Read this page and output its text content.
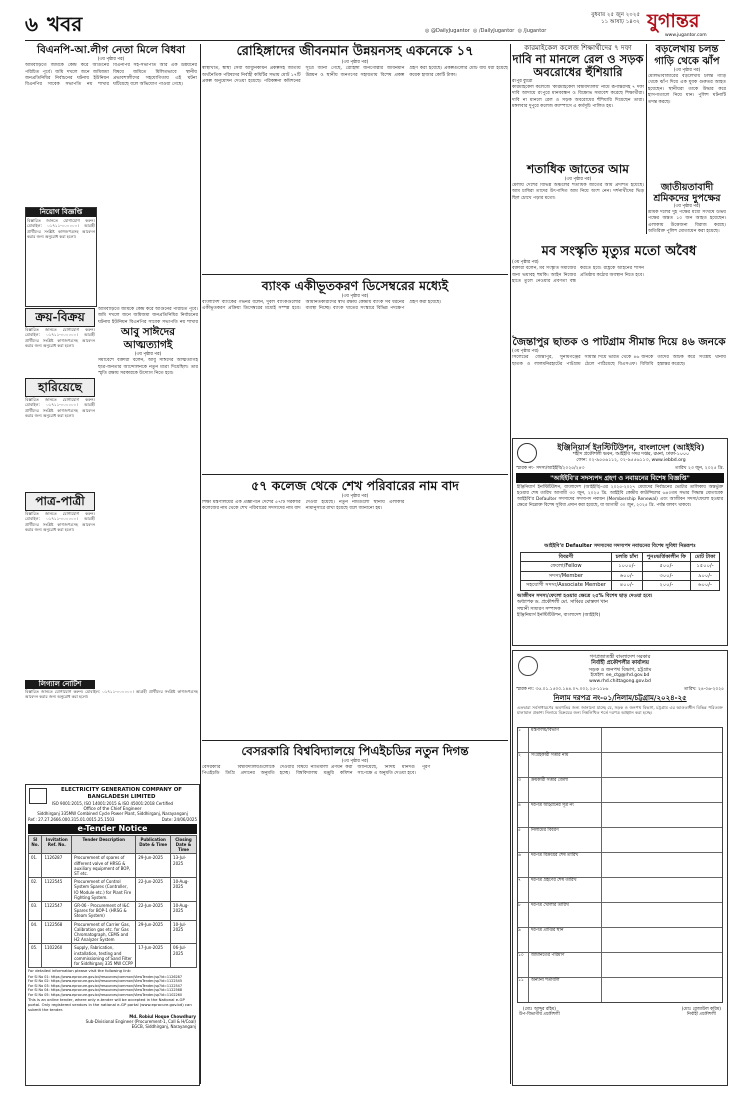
৬ খবর	◎ @DailyJugantor ◎ /DailyJugantor ◎ /Jugantor
বুধবার ২৫ জুন ২০২৫
১১ আষাঢ় ১৪৩২ যুগান্তর
www.jugantor.com
বিএনপি-আ.লীগ নেতা মিলে বিধবা
(৩য় পৃষ্ঠার পর)
আমবাড়িতে জমিকে কেন্দ্র করে আগুনের পরিচিত পূর্বে। জমি দখলে জনে জমিজমা জনপ্রতিনিধির নির্বাচনের ঘটনায় ইউনিয়ন বিএনপির সাবেক সভাপতি নয় শাখার বিএনপির সহ-সভাপতি আর এক উন্নয়নের বিষয়ে জমিতে মিলিতভাবে স্থানীয় প্রভাবশালীদের সহযোগিতায় এই ঘটনা ঘটিয়েছে বলে অভিযোগ পাওয়া গেছে।
নিয়োগ বিজ্ঞপ্তি
বিস্তারিত জানতে যোগাযোগ করুন। মোবাইল: ০১৭১১-০০০০০০। আগ্রহী প্রার্থীদের সংশ্লিষ্ট কাগজপত্রসহ আবেদন করার জন্য অনুরোধ করা হলো।
ক্রয়-বিক্রয়
বিস্তারিত জানতে যোগাযোগ করুন। মোবাইল: ০১৭১১-০০০০০০। আগ্রহী প্রার্থীদের সংশ্লিষ্ট কাগজপত্রসহ আবেদন করার জন্য অনুরোধ করা হলো।
হারিয়েছে
বিস্তারিত জানতে যোগাযোগ করুন। মোবাইল: ০১৭১১-০০০০০০। আগ্রহী প্রার্থীদের সংশ্লিষ্ট কাগজপত্রসহ আবেদন করার জন্য অনুরোধ করা হলো।
পাত্র-পাত্রী
বিস্তারিত জানতে যোগাযোগ করুন। মোবাইল: ০১৭১১-০০০০০০। আগ্রহী প্রার্থীদের সংশ্লিষ্ট কাগজপত্রসহ আবেদন করার জন্য অনুরোধ করা হলো।
আমবাড়িতে জমিকে কেন্দ্র করে আগুনের পরিচিত পূর্বে। জমি দখলে জনে জমিজমা জনপ্রতিনিধির নির্বাচনের ঘটনায় ইউনিয়ন বিএনপির সাবেক সভাপতি নয় শাখার
আবু সাঈদের আত্মত্যাগই
(৩য় পৃষ্ঠার পর)
সমাবেশে বক্তারা বলেন, আবু সাঈদের আত্মত্যাগই ছাত্র-জনতার আন্দোলনকে নতুন মাত্রা দিয়েছিল। তার স্মৃতি রক্ষায় সরকারকে উদ্যোগ নিতে হবে।
রোহিঙ্গাদের জীবনমান উন্নয়নসহ একনেকে ১৭
(৩য় পৃষ্ঠার পর)
স্বাস্থ্যখাত, স্বাস্থ্য সেবা আধুনিকায়ন প্রকল্পসহ জাতীয় অর্থনৈতিক পরিষদের নির্বাহী কমিটির সভায় মোট ১৭টি প্রকল্প অনুমোদন দেওয়া হয়েছে। পরিকল্পনা কমিশনের সূত্রে জানা গেছে, রোহিঙ্গা জনগোষ্ঠীর জীবনমান উন্নয়ন ও স্থানীয় জনগণের সহায়তায় বিশেষ প্রকল্প গ্রহণ করা হয়েছে। প্রকল্পগুলোর মোট ব্যয় ধরা হয়েছে কয়েক হাজার কোটি টাকা।
ব্যাংক একীভূতকরণ ডিসেম্বরের মধ্যেই
(৩য় পৃষ্ঠার পর)
বাংলাদেশ ব্যাংকের গভর্নর বলেন, দুর্বল ব্যাংকগুলোর একীভূতকরণ প্রক্রিয়া ডিসেম্বরের মধ্যেই সম্পন্ন হবে। আমানতকারীদের স্বার্থ রক্ষায় কেন্দ্রীয় ব্যাংক সব ধরনের ব্যবস্থা নিচ্ছে। ব্যাংক খাতের সংস্কারে বিভিন্ন পদক্ষেপ গ্রহণ করা হয়েছে।
৫৭ কলেজ থেকে শেখ পরিবারের নাম বাদ
(৩য় পৃষ্ঠার পর)
শিক্ষা মন্ত্রণালয়ের এক প্রজ্ঞাপনে দেশের ৫৭টি সরকারি কলেজের নাম থেকে শেখ পরিবারের সদস্যদের নাম বাদ দেওয়া হয়েছে। নতুন নামগুলো স্থানীয় এলাকার নামানুসারে রাখা হয়েছে বলে জানানো হয়।
কারমাইকেল কলেজ শিক্ষার্থীদের ৭ দফা
দাবি না মানলে রেল ও সড়ক অবরোধের হুঁশিয়ারি
রংপুর ব্যুরো
কারমাইকেল কলেজে 'কারমাইকেল বিশ্ববিদ্যালয়' নামে রূপান্তরসহ ৭ দফা দাবি আদায়ে রংপুরে মানববন্ধন ও বিক্ষোভ সমাবেশ করেছে শিক্ষার্থীরা। দাবি না মানলে রেল ও সড়ক অবরোধের হুঁশিয়ারি দিয়েছেন তারা। মঙ্গলবার দুপুরে কলেজ ক্যাম্পাসে এ কর্মসূচি পালিত হয়।
শতাধিক জাতের আম
(৩য় পৃষ্ঠার পর)
মেলায় দেশের বিভিন্ন অঞ্চলের শতাধিক জাতের আম প্রদর্শিত হয়েছে। আম চাষিরা তাদের উৎপাদিত আম নিয়ে অংশ নেন। দর্শনার্থীদের ভিড় ছিল চোখে পড়ার মতো।
বড়লেখায় চলন্ত গাড়ি থেকে ঝাঁপ
(৩য় পৃষ্ঠার পর)
মৌলভীবাজারের বড়লেখায় চলন্ত গাড়ি থেকে ঝাঁপ দিয়ে এক যুবক গুরুতর আহত হয়েছেন। স্থানীয়রা তাকে উদ্ধার করে হাসপাতালে নিয়ে যান। পুলিশ ঘটনাটি তদন্ত করছে।
জাতীয়তাবাদী শ্রমিকদের দুপক্ষের
(৩য় পৃষ্ঠার পর)
শ্রমিক দলের দুই পক্ষের মধ্যে সংঘর্ষে উভয় পক্ষের অন্তত ১০ জন আহত হয়েছেন। এলাকায় উত্তেজনা বিরাজ করছে। অতিরিক্ত পুলিশ মোতায়েন করা হয়েছে।
মব সংস্কৃতি মৃত্যুর মতো অবৈধ
(৩য় পৃষ্ঠার পর)
বক্তারা বলেন, মব সংস্কৃতি সমাজের জন্য ভয়াবহ হুমকি। আইন নিজের হাতে তুলে নেওয়ার প্রবণতা বন্ধ করতে হবে। রাষ্ট্রকে আইনের শাসন প্রতিষ্ঠায় কঠোর অবস্থান নিতে হবে।
জৈন্তাপুর ছাতক ও পাটগ্রাম সীমান্ত দিয়ে ৪৬ জনকে
(৩য় পৃষ্ঠার পর)
সিলেটের জৈন্তাপুর, সুনামগঞ্জের ছাতক ও লালমনিরহাটের পাটগ্রাম সীমান্ত দিয়ে ভারত থেকে ৪৬ জনকে ঠেলে পাঠিয়েছে বিএসএফ। বিজিবি তাদের আটক করে সংশ্লিষ্ট থানায় হস্তান্তর করেছে।
ইঞ্জিনিয়ার্স ইনস্টিটিউশন, বাংলাদেশ (আইইবি)
শহীদ প্রকৌশলী ভবন, আইইবি সদর দপ্তর, রমনা, ঢাকা-১০০০
ফোন: ০২-৯৫৫৬১১২, ০২-৯৫৫৬১১৩, www.iebbd.org
স্মারক নং- সদস্য/আইইবি/২০২৫/২৪৩	তারিখ ২৩ জুন, ২০২৫ খ্রি.
"আইইবি'র সদস্যপদ গ্রহণ ও নবায়নের বিশেষ বিজ্ঞপ্তি"
ইঞ্জিনিয়ার্স ইনস্টিটিউশন, বাংলাদেশ (আইইবি)-এর ২০২৫-২০২৭ মেয়াদের নির্বাচনের ভোটার তালিকায় অন্তর্ভুক্ত হওয়ার শেষ তারিখ আগামী ৩০ জুন, ২০২৫ খ্রি. আইইবি কেন্দ্রীয় কাউন্সিলের ৬৪০তম সভার সিদ্ধান্ত মোতাবেক আইইবি'র Defaulter সদস্যদের সদস্যপদ নবায়ন (Membership Renewal) এবং আজীবন সদস্য/ফেলো হওয়ার ক্ষেত্রে নিম্নোক্ত বিশেষ সুবিধা প্রদান করা হয়েছে, যা আগামী ৩০ জুন, ২০২৫ খ্রি. পর্যন্ত বলবৎ থাকবে।
আইইবি'র Defaulter সদস্যদের সদস্যপদ নবায়নের বিশেষ সুবিধা নিম্নরূপঃ
বিবরণী	চলতি চাঁদা	পুনঃভর্তিকালীন ফি	মোট টাকা
ফেলো/Fellow	১০০০/-	৫০০/-	১৫০০/-
সদস্য/Member	৬০০/-	৩০০/-	৯০০/-
সহযোগী সদস্য/Associate Member	৪০০/-	২০০/-	৬০০/-
আজীবন সদস্য/ফেলো হওয়ার ক্ষেত্রে ২৫% বিশেষ ছাড় দেওয়া হবে।
অধ্যাপক ড. প্রকৌশলী মো. সাব্বির মোস্তফা খান
সম্মানী সাধারণ সম্পাদক
ইঞ্জিনিয়ার্স ইনস্টিটিউশন, বাংলাদেশ (আইইবি)
লিগ্যাল নোটিশ
বিস্তারিত জানতে যোগাযোগ করুন। মোবাইল: ০১৭১১-০০০০০০। আগ্রহী প্রার্থীদের সংশ্লিষ্ট কাগজপত্রসহ আবেদন করার জন্য অনুরোধ করা হলো।
ELECTRICITY GENERATION COMPANY OF BANGLADESH LIMITED
ISO 9001:2015, ISO 14001:2015 & ISO 45001:2018 Certified
Office of the Chief Engineer
Siddhirganj 335MW Combined Cycle Power Plant, Siddhirganj, Narayanganj
Ref.: 27.27.2666.000.315.01.0015.25.1503	Date: 24/06/2025
e-Tender Notice
Sl No.	Invitation Ref. No.	Tender Description	Publication Date & Time	Closing Date & Time
01.	1126287	Procurement of spares of different valve of HRSG & auxiliary equipment of BOP, ST etc.	29-Jun-2025	13-Jul-2025
02.	1122545	Procurement of Control System Spares (Controller, IO Module etc.) for Plant Fire Fighting System.	22-Jun-2025	10-Aug-2025
03.	1122547	GR-06 - Procurement of I&C Spares for BOP-1 (HRSG & Steam System)	22-Jun-2025	10-Aug-2025
04.	1122568	Procurement of Carrier Gas, Calibration gas etc. for Gas Chromatograph, CEMS and H2 Analyzer System	29-Jun-2025	10-Jul-2025
05.	1102260	Supply, Fabrication, installation, testing and commissioning of Sand Filter for Siddhirganj 335 MW CCPP	17-Jun-2025	06-Jul-2025
For detailed information please visit the following link:
For Sl No 01: https://www.eprocure.gov.bd/resources/common/ViewTender.jsp?id=1126287
For Sl No 02: https://www.eprocure.gov.bd/resources/common/ViewTender.jsp?id=1122545
For Sl No 03: https://www.eprocure.gov.bd/resources/common/ViewTender.jsp?id=1122547
For Sl No 04: https://www.eprocure.gov.bd/resources/common/ViewTender.jsp?id=1122568
For Sl No 05: https://www.eprocure.gov.bd/resources/common/ViewTender.jsp?id=1102260
This is an online tender, where only e-tender will be accepted in the National e-GP portal. Only registered vendors in the national e-GP portal (www.eprocure.gov.bd) can submit the tender.
Md. Robiul Hoque Chowdhury
Sub-Divisional Engineer (Procurement-1, Call & H/Coal)
EGCB, Siddhirganj, Narayanganj
বেসরকারি বিশ্ববিদ্যালয়ে পিএইচডির নতুন দিগন্ত
(৩য় পৃষ্ঠার পর)
বেসরকারি বিশ্ববিদ্যালয়গুলোকে পিএইচডি ডিগ্রি প্রদানের অনুমতি দেওয়ার বিষয়ে নীতিমালা প্রণয়ন করা হচ্ছে। বিশ্ববিদ্যালয় মঞ্জুরি কমিশন জানিয়েছে, নির্দিষ্ট মানদণ্ড পূরণ সাপেক্ষে এ অনুমতি দেওয়া হবে।
গণপ্রজাতন্ত্রী বাংলাদেশ সরকার
নির্বাহী প্রকৌশলীর কার্যালয়
সড়ক ও জনপথ বিভাগ, চট্টগ্রাম
ইমেইল: ee_ctg@rhd.gov.bd
www.rhd.chittagong.gov.bd
স্মারক নং: ৩৫.০১.১৫০০.১৪৪.০৭.০০২.২৫-১১৮৬	তারিখ: ২৪-০৬-২০২৫
নিলাম দরপত্র নং-০১/নিলাম/চট্টগ্রাম/২০২৪-২৫
এতদ্বারা সর্বসাধারণের অবগতির জন্য জানানো যাচ্ছে যে, সড়ক ও জনপথ বিভাগ, চট্টগ্রাম এর আওতাধীন বিভিন্ন পরিত্যক্ত মালামাল প্রকাশ্য নিলামে বিক্রয়ের জন্য নিম্নলিখিত শর্তে দরপত্র আহ্বান করা হচ্ছে।
১	মন্ত্রণালয়/বিভাগ
২	সংগ্রহকারী সত্তার নাম
৩	ক্রয়কারী সত্তার জেলা
৪	দরপত্র আহ্বানের সূত্র নং
৫	নিলামের বিবরণ
৬	দরপত্র বিক্রয়ের শেষ তারিখ
৭	দরপত্র গ্রহণের শেষ তারিখ
৮	দরপত্র খোলার তারিখ
৯	দরপত্র প্রাপ্তির স্থান
১০	জামানতের পরিমাণ
১১	অন্যান্য শর্তাবলি
(মোঃ আব্দুর রহিম)
উপ-বিভাগীয় প্রকৌশলী
(মোঃ রেজাউল করিম)
নির্বাহী প্রকৌশলী
